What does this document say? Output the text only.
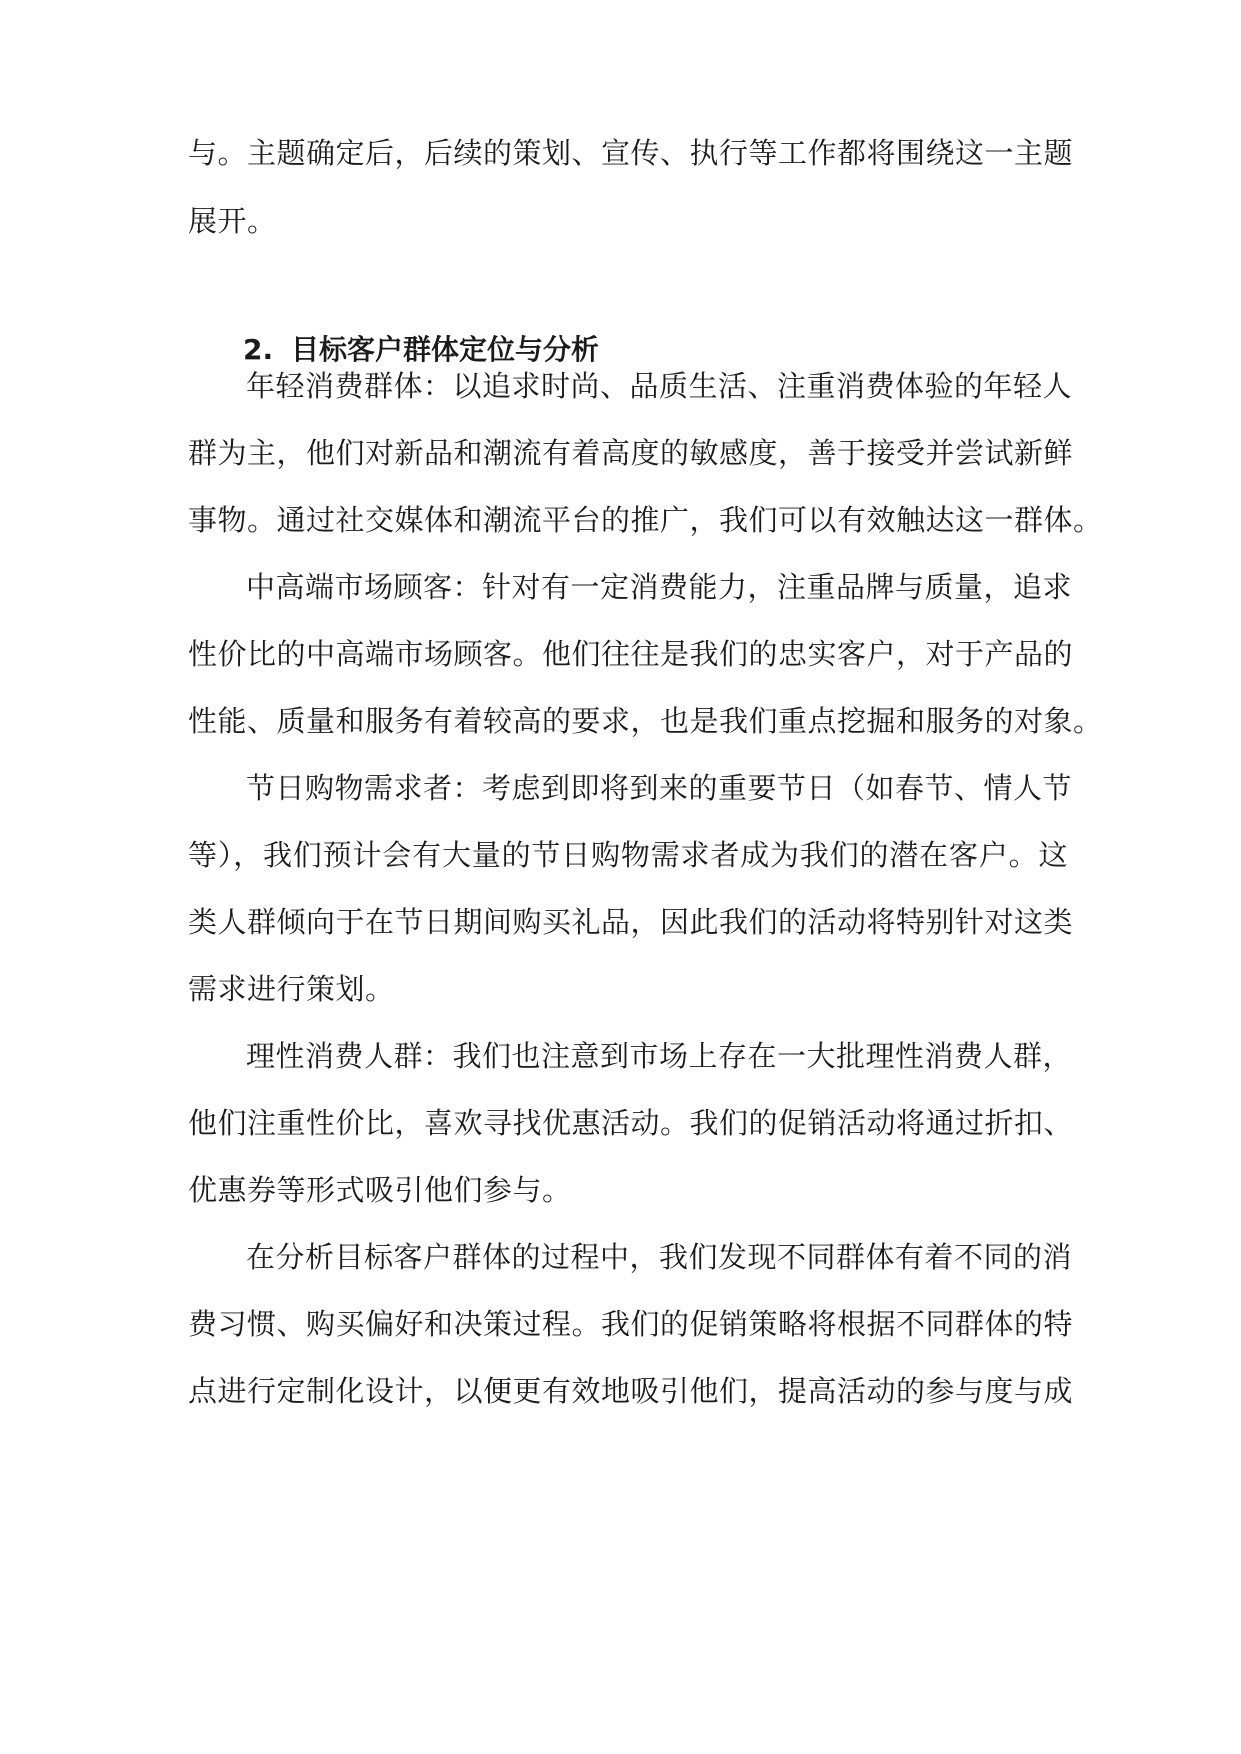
与。主题确定后，后续的策划、宣传、执行等工作都将围绕这一主题
展开。
2. 目标客户群体定位与分析
年轻消费群体：以追求时尚、品质生活、注重消费体验的年轻人
群为主，他们对新品和潮流有着高度的敏感度，善于接受并尝试新鲜
事物。通过社交媒体和潮流平台的推广，我们可以有效触达这一群体。
中高端市场顾客：针对有一定消费能力，注重品牌与质量，追求
性价比的中高端市场顾客。他们往往是我们的忠实客户，对于产品的
性能、质量和服务有着较高的要求，也是我们重点挖掘和服务的对象。
节日购物需求者：考虑到即将到来的重要节日（如春节、情人节
等），我们预计会有大量的节日购物需求者成为我们的潜在客户。这
类人群倾向于在节日期间购买礼品，因此我们的活动将特别针对这类
需求进行策划。
理性消费人群：我们也注意到市场上存在一大批理性消费人群，
他们注重性价比，喜欢寻找优惠活动。我们的促销活动将通过折扣、
优惠券等形式吸引他们参与。
在分析目标客户群体的过程中，我们发现不同群体有着不同的消
费习惯、购买偏好和决策过程。我们的促销策略将根据不同群体的特
点进行定制化设计，以便更有效地吸引他们，提高活动的参与度与成
